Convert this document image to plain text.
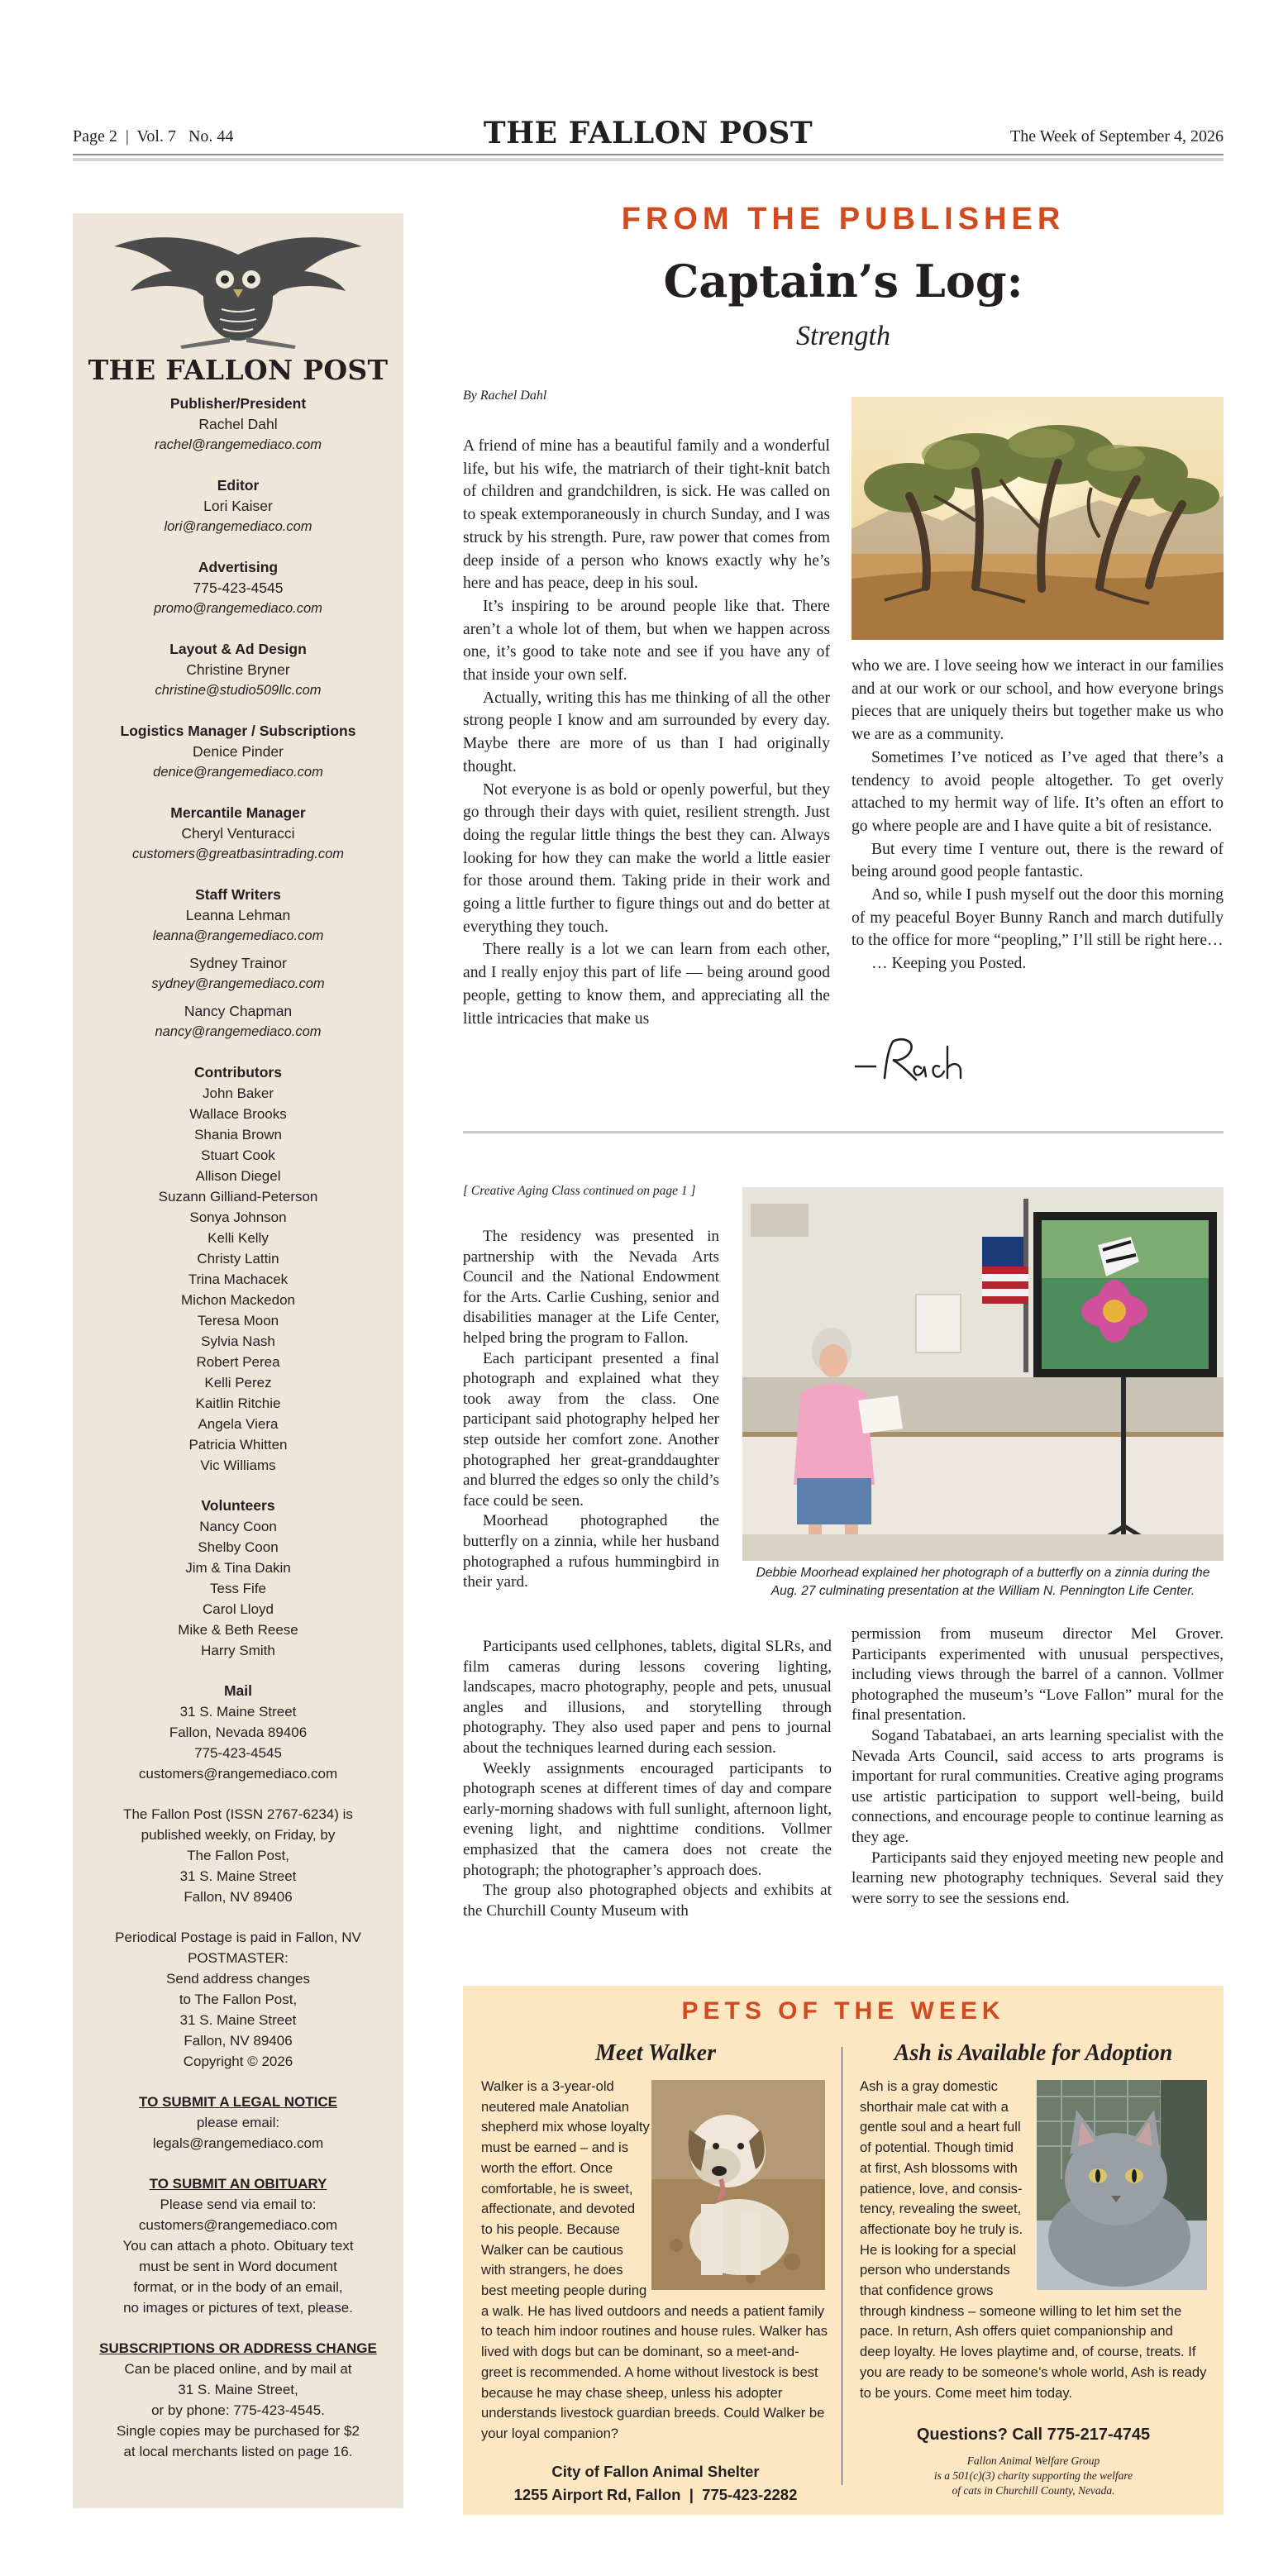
Page 2  |  Vol. 7   No. 44	THE FALLON POST	The Week of September 4, 2026
THE FALLON POST
Publisher/President
Rachel Dahl
rachel@rangemediaco.com
Editor
Lori Kaiser
lori@rangemediaco.com
Advertising
775-423-4545
promo@rangemediaco.com
Layout & Ad Design
Christine Bryner
christine@studio509llc.com
Logistics Manager / Subscriptions
Denice Pinder
denice@rangemediaco.com
Mercantile Manager
Cheryl Venturacci
customers@greatbasintrading.com
Staff Writers
Leanna Lehman
leanna@rangemediaco.com
Sydney Trainor
sydney@rangemediaco.com
Nancy Chapman
nancy@rangemediaco.com
Contributors
John Baker
Wallace Brooks
Shania Brown
Stuart Cook
Allison Diegel
Suzann Gilliand-Peterson
Sonya Johnson
Kelli Kelly
Christy Lattin
Trina Machacek
Michon Mackedon
Teresa Moon
Sylvia Nash
Robert Perea
Kelli Perez
Kaitlin Ritchie
Angela Viera
Patricia Whitten
Vic Williams
Volunteers
Nancy Coon
Shelby Coon
Jim & Tina Dakin
Tess Fife
Carol Lloyd
Mike & Beth Reese
Harry Smith
Mail
31 S. Maine Street
Fallon, Nevada 89406
775-423-4545
customers@rangemediaco.com
The Fallon Post (ISSN 2767-6234) is
published weekly, on Friday, by
The Fallon Post,
31 S. Maine Street
Fallon, NV 89406
Periodical Postage is paid in Fallon, NV
POSTMASTER:
Send address changes
to The Fallon Post,
31 S. Maine Street
Fallon, NV 89406
Copyright © 2026
TO SUBMIT A LEGAL NOTICE
please email:
legals@rangemediaco.com
TO SUBMIT AN OBITUARY
Please send via email to:
customers@rangemediaco.com
You can attach a photo. Obituary text
must be sent in Word document
format, or in the body of an email,
no images or pictures of text, please.
SUBSCRIPTIONS OR ADDRESS CHANGE
Can be placed online, and by mail at
31 S. Maine Street,
or by phone: 775-423-4545.
Single copies may be purchased for $2
at local merchants listed on page 16.
FROM THE PUBLISHER
Captain’s Log:
Strength
By Rachel Dahl

A friend of mine has a beautiful family and a wonderful life, but his wife, the matriarch of their tight-knit batch of children and grandchildren, is sick. He was called on to speak extemporaneously in church Sunday, and I was struck by his strength. Pure, raw power that comes from deep inside of a person who knows exactly why he’s here and has peace, deep in his soul.

It’s inspiring to be around people like that. There aren’t a whole lot of them, but when we happen across one, it’s good to take note and see if you have any of that inside your own self.

Actually, writing this has me thinking of all the other strong people I know and am surrounded by every day. Maybe there are more of us than I had originally thought.

Not everyone is as bold or openly powerful, but they go through their days with quiet, resilient strength. Just doing the regular little things the best they can. Always looking for how they can make the world a little easier for those around them. Taking pride in their work and going a little further to figure things out and do better at everything they touch.

There really is a lot we can learn from each other, and I really enjoy this part of life — being around good people, getting to know them, and appreciating all the little intricacies that make us

who we are. I love seeing how we interact in our families and at our work or our school, and how everyone brings pieces that are uniquely theirs but together make us who we are as a community.

Sometimes I’ve noticed as I’ve aged that there’s a tendency to avoid people altogether. To get overly attached to my hermit way of life. It’s often an effort to go where people are and I have quite a bit of resistance.

But every time I venture out, there is the reward of being around good people fantastic.

And so, while I push myself out the door this morning of my peaceful Boyer Bunny Ranch and march dutifully to the office for more “peopling,” I’ll still be right here…

… Keeping you Posted.

[ Creative Aging Class continued on page 1 ]

The residency was presented in partnership with the Nevada Arts Council and the National Endowment for the Arts. Carlie Cushing, senior and disabilities manager at the Life Center, helped bring the program to Fallon.

Each participant presented a final photograph and explained what they took away from the class. One participant said photography helped her step outside her comfort zone. Another photographed her great-granddaughter and blurred the edges so only the child’s face could be seen.

Moorhead photographed the butterfly on a zinnia, while her husband photographed a rufous hummingbird in their yard.

Participants used cellphones, tablets, digital SLRs, and film cameras during lessons covering lighting, landscapes, macro photography, people and pets, unusual angles and illusions, and storytelling through photography. They also used paper and pens to journal about the techniques learned during each session.

Weekly assignments encouraged participants to photograph scenes at different times of day and compare early-morning shadows with full sunlight, afternoon light, evening light, and nighttime conditions. Vollmer emphasized that the camera does not create the photograph; the photographer’s approach does.

The group also photographed objects and exhibits at the Churchill County Museum with

Debbie Moorhead explained her photograph of a butterfly on a zinnia during the Aug. 27 culminating presentation at the William N. Pennington Life Center.

permission from museum director Mel Grover. Participants experimented with unusual perspectives, including views through the barrel of a cannon. Vollmer photographed the museum’s “Love Fallon” mural for the final presentation.

Sogand Tabatabaei, an arts learning specialist with the Nevada Arts Council, said access to arts programs is important for rural communities. Creative aging programs use artistic participation to support well-being, build connections, and encourage people to continue learning as they age.

Participants said they enjoyed meeting new people and learning new photography techniques. Several said they were sorry to see the sessions end.

PETS OF THE WEEK
Meet Walker	Ash is Available for Adoption
Walker is a 3-year-old
neutered male Anatolian
shepherd mix whose loyalty
must be earned – and is
worth the effort. Once
comfortable, he is sweet,
affectionate, and devoted
to his people. Because
Walker can be cautious
with strangers, he does
best meeting people during
a walk. He has lived outdoors and needs a patient family to teach him indoor routines and house rules. Walker has lived with dogs but can be dominant, so a meet-and-greet is recommended. A home without livestock is best because he may chase sheep, unless his adopter understands livestock guardian breeds. Could Walker be your loyal companion?
Ash is a gray domestic
shorthair male cat with a
gentle soul and a heart full
of potential. Though timid
at first, Ash blossoms with
patience, love, and consis-
tency, revealing the sweet,
affectionate boy he truly is.
He is looking for a special
person who understands
that confidence grows
through kindness – someone willing to let him set the pace. In return, Ash offers quiet companionship and deep loyalty. He loves playtime and, of course, treats. If you are ready to be someone’s whole world, Ash is ready to be yours. Come meet him today.
City of Fallon Animal Shelter
1255 Airport Rd, Fallon  |  775-423-2282
Questions? Call 775-217-4745
Fallon Animal Welfare Group
is a 501(c)(3) charity supporting the welfare
of cats in Churchill County, Nevada.
